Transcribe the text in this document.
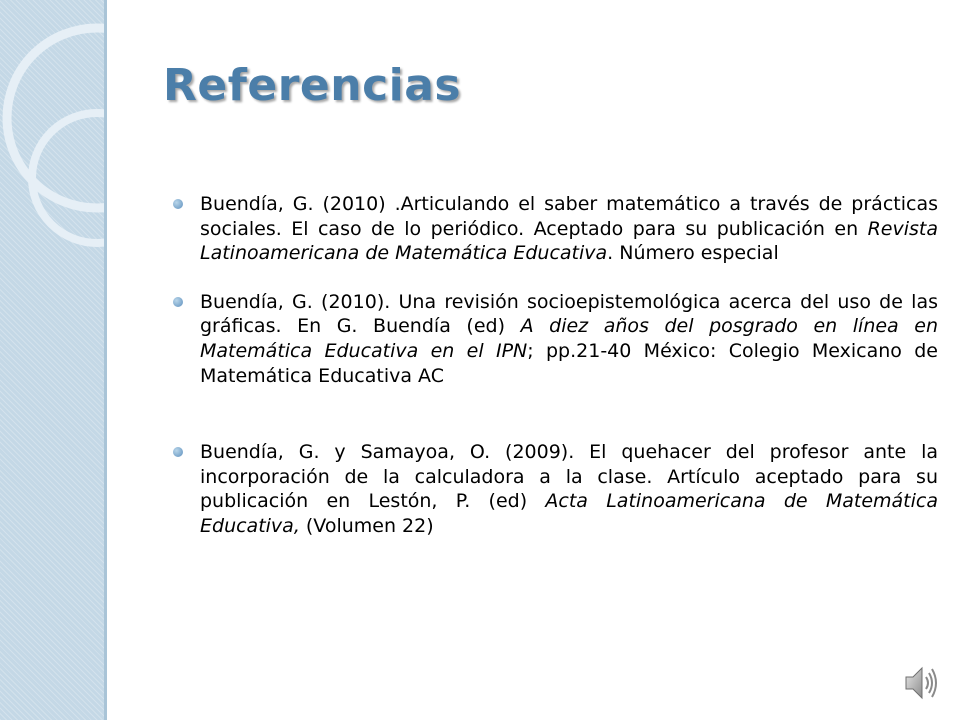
Referencias
Buendía, G. (2010) .Articulando el saber matemático a través de prácticas sociales. El caso de lo periódico. Aceptado para su publicación en Revista Latinoamericana de Matemática Educativa. Número especial
Buendía, G. (2010). Una revisión socioepistemológica acerca del uso de las gráficas. En G. Buendía (ed) A diez años del posgrado en línea en Matemática Educativa en el IPN; pp.21-40 México: Colegio Mexicano de Matemática Educativa AC
Buendía, G. y Samayoa, O. (2009). El quehacer del profesor ante la incorporación de la calculadora a la clase. Artículo aceptado para su publicación en Lestón, P. (ed) Acta Latinoamericana de Matemática Educativa, (Volumen 22)
